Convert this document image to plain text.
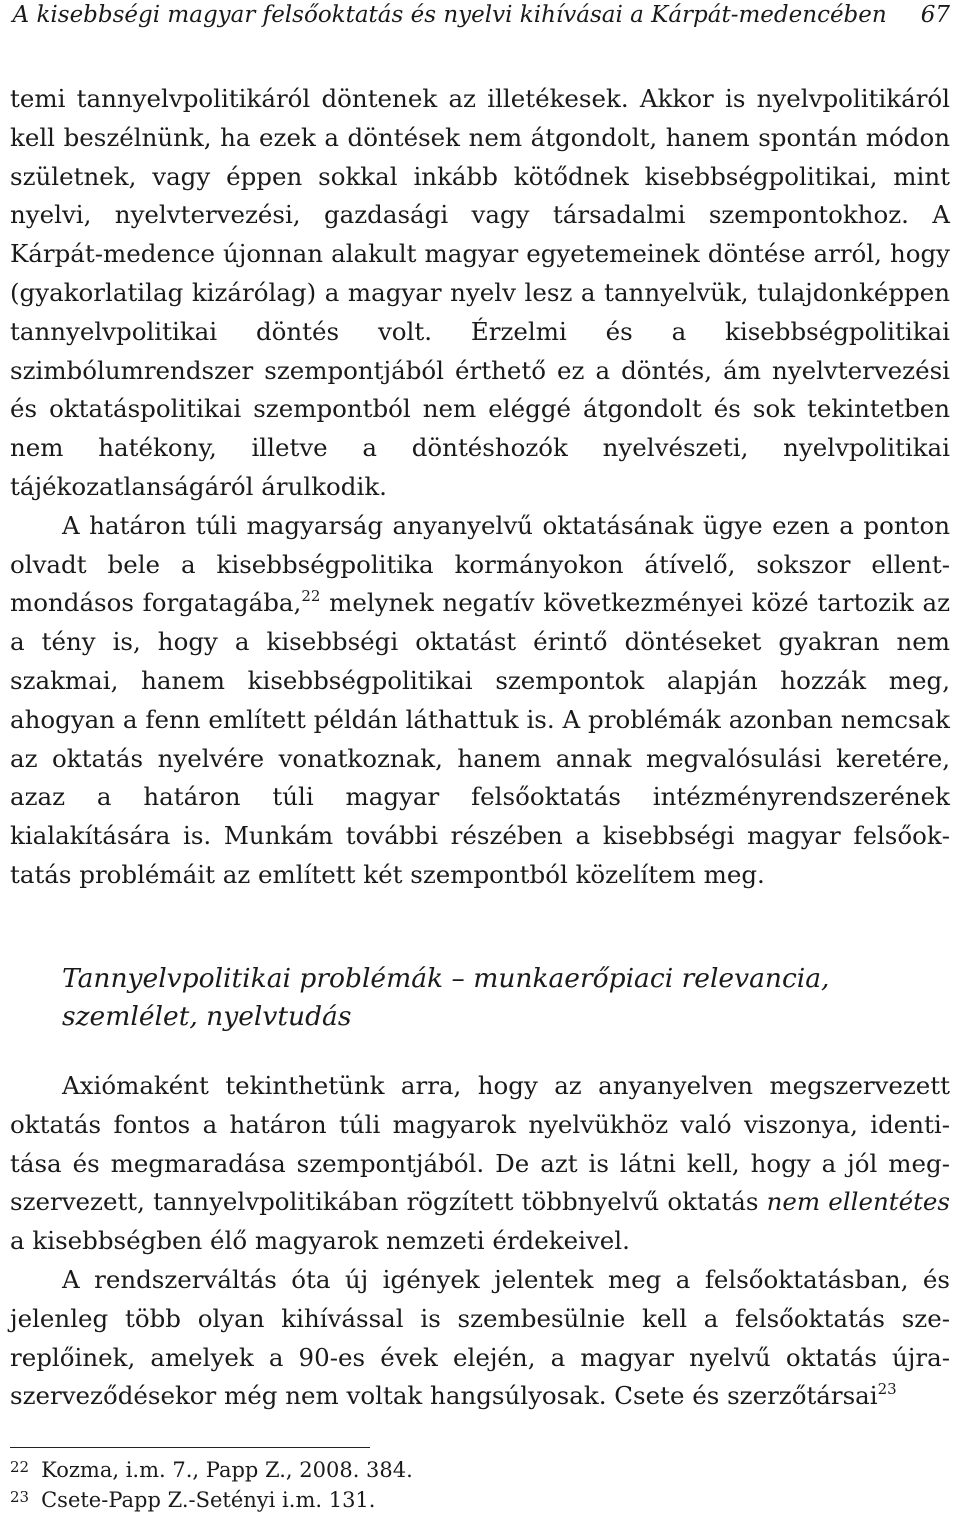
A kisebbségi magyar felsőoktatás és nyelvi kihívásai a Kárpát-medencében 67

temi tannyelvpolitikáról döntenek az illetékesek. Akkor is nyelvpolitikáról kell beszélnünk, ha ezek a döntések nem átgondolt, hanem spontán módon születnek, vagy éppen sokkal inkább kötődnek kisebbségpolitikai, mint nyelvi, nyelvtervezési, gazdasági vagy társadalmi szempontokhoz. A Kárpát-medence újonnan alakult magyar egyetemeinek döntése arról, hogy (gyakorlatilag kizárólag) a magyar nyelv lesz a tannyelvük, tulajdonképpen tannyelvpolitikai döntés volt. Érzelmi és a kisebbségpolitikai szimbólumrendszer szempontjából érthető ez a döntés, ám nyelvtervezési és oktatáspolitikai szempontból nem eléggé átgondolt és sok tekintetben nem hatékony, illetve a döntéshozók nyelvészeti, nyelvpolitikai tájékozatlanságáról árulkodik.

A határon túli magyarság anyanyelvű oktatásának ügye ezen a ponton olvadt bele a kisebbségpolitika kormányokon átívelő, sokszor ellentmondásos forgatagába,$^{22}$ melynek negatív következményei közé tartozik az a tény is, hogy a kisebbségi oktatást érintő döntéseket gyakran nem szakmai, hanem kisebbségpolitikai szempontok alapján hozzák meg, ahogyan a fenn említett példán láthattuk is. A problémák azonban nemcsak az oktatás nyelvére vonatkoznak, hanem annak megvalósulási keretére, azaz a határon túli magyar felsőoktatás intézményrendszerének kialakítására is. Munkám további részében a kisebbségi magyar felsőoktatás problémáit az említett két szempontból közelítem meg.

Tannyelvpolitikai problémák – munkaerőpiaci relevancia, szemlélet, nyelvtudás

Axiómaként tekinthetünk arra, hogy az anyanyelven megszervezett oktatás fontos a határon túli magyarok nyelvükhöz való viszonya, identitása és megmaradása szempontjából. De azt is látni kell, hogy a jól megszervezett, tannyelvpolitikában rögzített többnyelvű oktatás nem ellentétes a kisebbségben élő magyarok nemzeti érdekeivel.

A rendszerváltás óta új igények jelentek meg a felsőoktatásban, és jelenleg több olyan kihívással is szembesülnie kell a felsőoktatás szereplőinek, amelyek a 90-es évek elején, a magyar nyelvű oktatás újraszerveződésekor még nem voltak hangsúlyosak. Csete és szerzőtársai$^{23}$

22 Kozma, i.m. 7., Papp Z., 2008. 384.
23 Csete-Papp Z.-Setényi i.m. 131.
